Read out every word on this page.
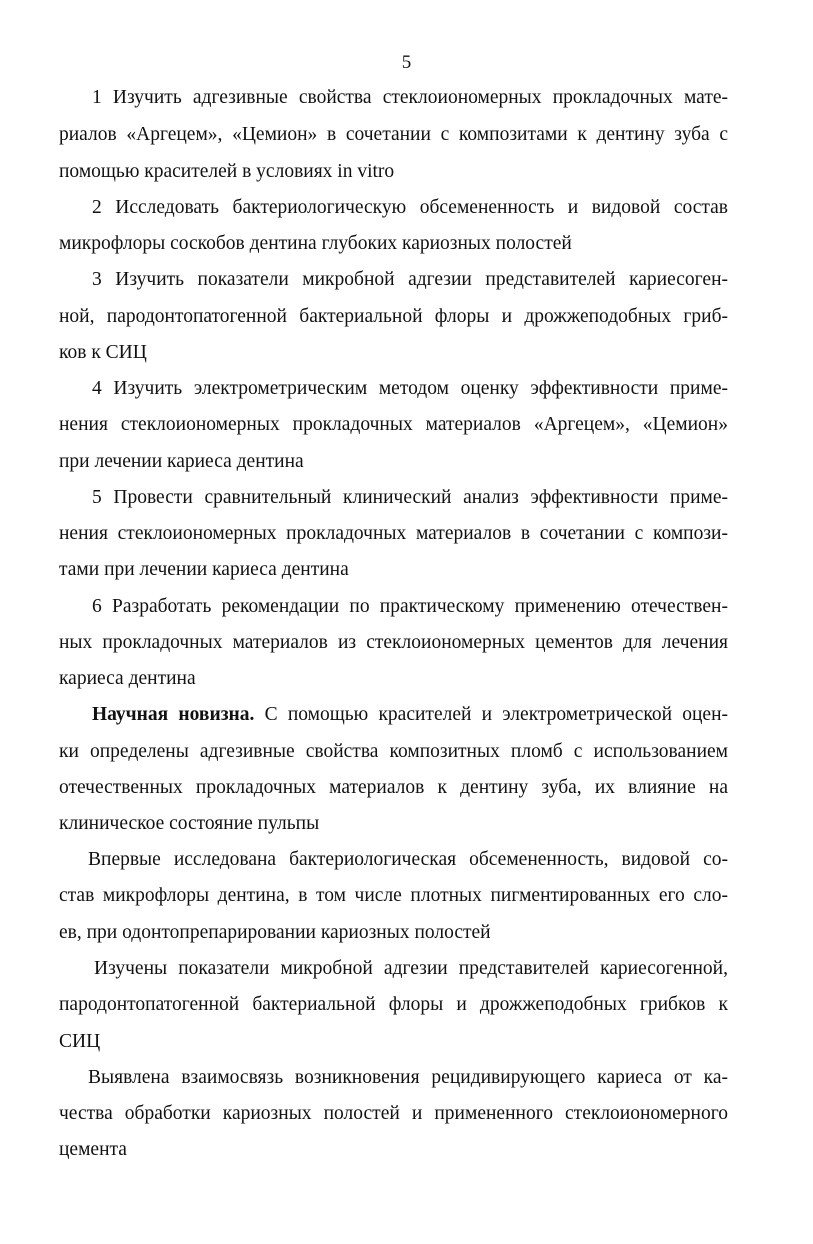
5
1 Изучить адгезивные свойства стеклоиономерных прокладочных мате-
риалов «Аргецем», «Цемион» в сочетании с композитами к дентину зуба с
помощью красителей в условиях in vitro
2 Исследовать бактериологическую обсемененность и видовой состав
микрофлоры соскобов дентина глубоких кариозных полостей
3 Изучить показатели микробной адгезии представителей кариесоген-
ной, пародонтопатогенной бактериальной флоры и дрожжеподобных гриб-
ков к СИЦ
4 Изучить электрометрическим методом оценку эффективности приме-
нения стеклоиономерных прокладочных материалов «Аргецем», «Цемион»
при лечении кариеса дентина
5 Провести сравнительный клинический анализ эффективности приме-
нения стеклоиономерных прокладочных материалов в сочетании с компози-
тами при лечении кариеса дентина
6 Разработать рекомендации по практическому применению отечествен-
ных прокладочных материалов из стеклоиономерных цементов для лечения
кариеса дентина
Научная новизна. С помощью красителей и электрометрической оцен-
ки определены адгезивные свойства композитных пломб с использованием
отечественных прокладочных материалов к дентину зуба, их влияние на
клиническое состояние пульпы
Впервые исследована бактериологическая обсемененность, видовой со-
став микрофлоры дентина, в том числе плотных пигментированных его сло-
ев, при одонтопрепарировании кариозных полостей
Изучены показатели микробной адгезии представителей кариесогенной,
пародонтопатогенной бактериальной флоры и дрожжеподобных грибков к
СИЦ
Выявлена взаимосвязь возникновения рецидивирующего кариеса от ка-
чества обработки кариозных полостей и примененного стеклоиономерного
цемента
